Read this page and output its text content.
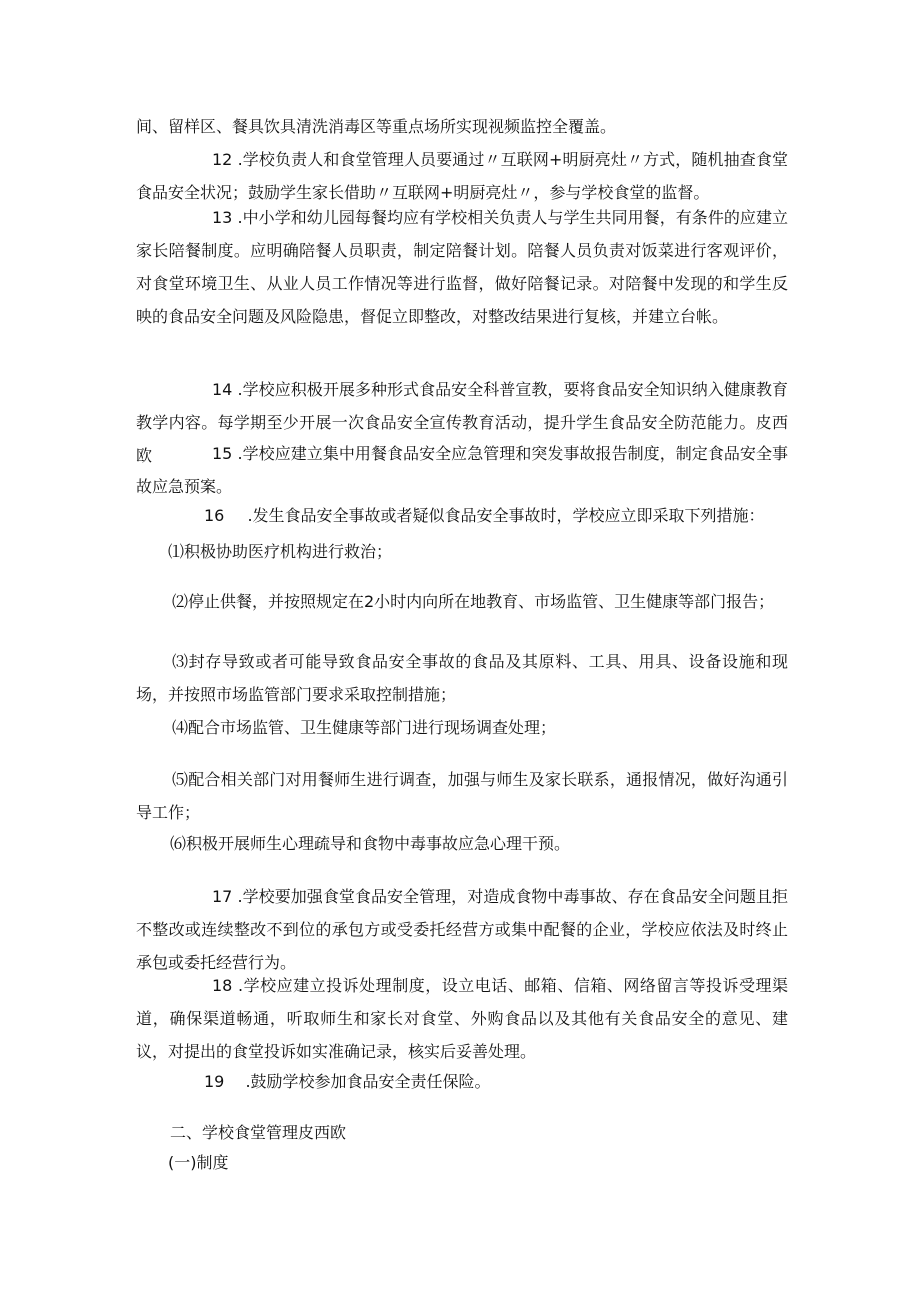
间、留样区、餐具饮具清洗消毒区等重点场所实现视频监控全覆盖。

12 .学校负责人和食堂管理人员要通过〃互联网+明厨亮灶〃方式，随机抽查食堂食品安全状况；鼓励学生家长借助〃互联网+明厨亮灶〃，参与学校食堂的监督。

13 .中小学和幼儿园每餐均应有学校相关负责人与学生共同用餐，有条件的应建立家长陪餐制度。应明确陪餐人员职责，制定陪餐计划。陪餐人员负责对饭菜进行客观评价，对食堂环境卫生、从业人员工作情况等进行监督，做好陪餐记录。对陪餐中发现的和学生反映的食品安全问题及风险隐患，督促立即整改，对整改结果进行复核，并建立台帐。

14 .学校应积极开展多种形式食品安全科普宣教，要将食品安全知识纳入健康教育教学内容。每学期至少开展一次食品安全宣传教育活动，提升学生食品安全防范能力。皮西欧	15 .学校应建立集中用餐食品安全应急管理和突发事故报告制度，制定食品安全事故应急预案。

16 .发生食品安全事故或者疑似食品安全事故时，学校应立即采取下列措施：

⑴积极协助医疗机构进行救治；

⑵停止供餐，并按照规定在2小时内向所在地教育、市场监管、卫生健康等部门报告；

⑶封存导致或者可能导致食品安全事故的食品及其原料、工具、用具、设备设施和现场，并按照市场监管部门要求采取控制措施；

⑷配合市场监管、卫生健康等部门进行现场调查处理；

⑸配合相关部门对用餐师生进行调查，加强与师生及家长联系，通报情况，做好沟通引导工作；

⑹积极开展师生心理疏导和食物中毒事故应急心理干预。

17 .学校要加强食堂食品安全管理，对造成食物中毒事故、存在食品安全问题且拒不整改或连续整改不到位的承包方或受委托经营方或集中配餐的企业，学校应依法及时终止承包或委托经营行为。

18 .学校应建立投诉处理制度，设立电话、邮箱、信箱、网络留言等投诉受理渠道，确保渠道畅通，听取师生和家长对食堂、外购食品以及其他有关食品安全的意见、建议，对提出的食堂投诉如实准确记录，核实后妥善处理。

19 .鼓励学校参加食品安全责任保险。

二、学校食堂管理皮西欧

(一)制度
